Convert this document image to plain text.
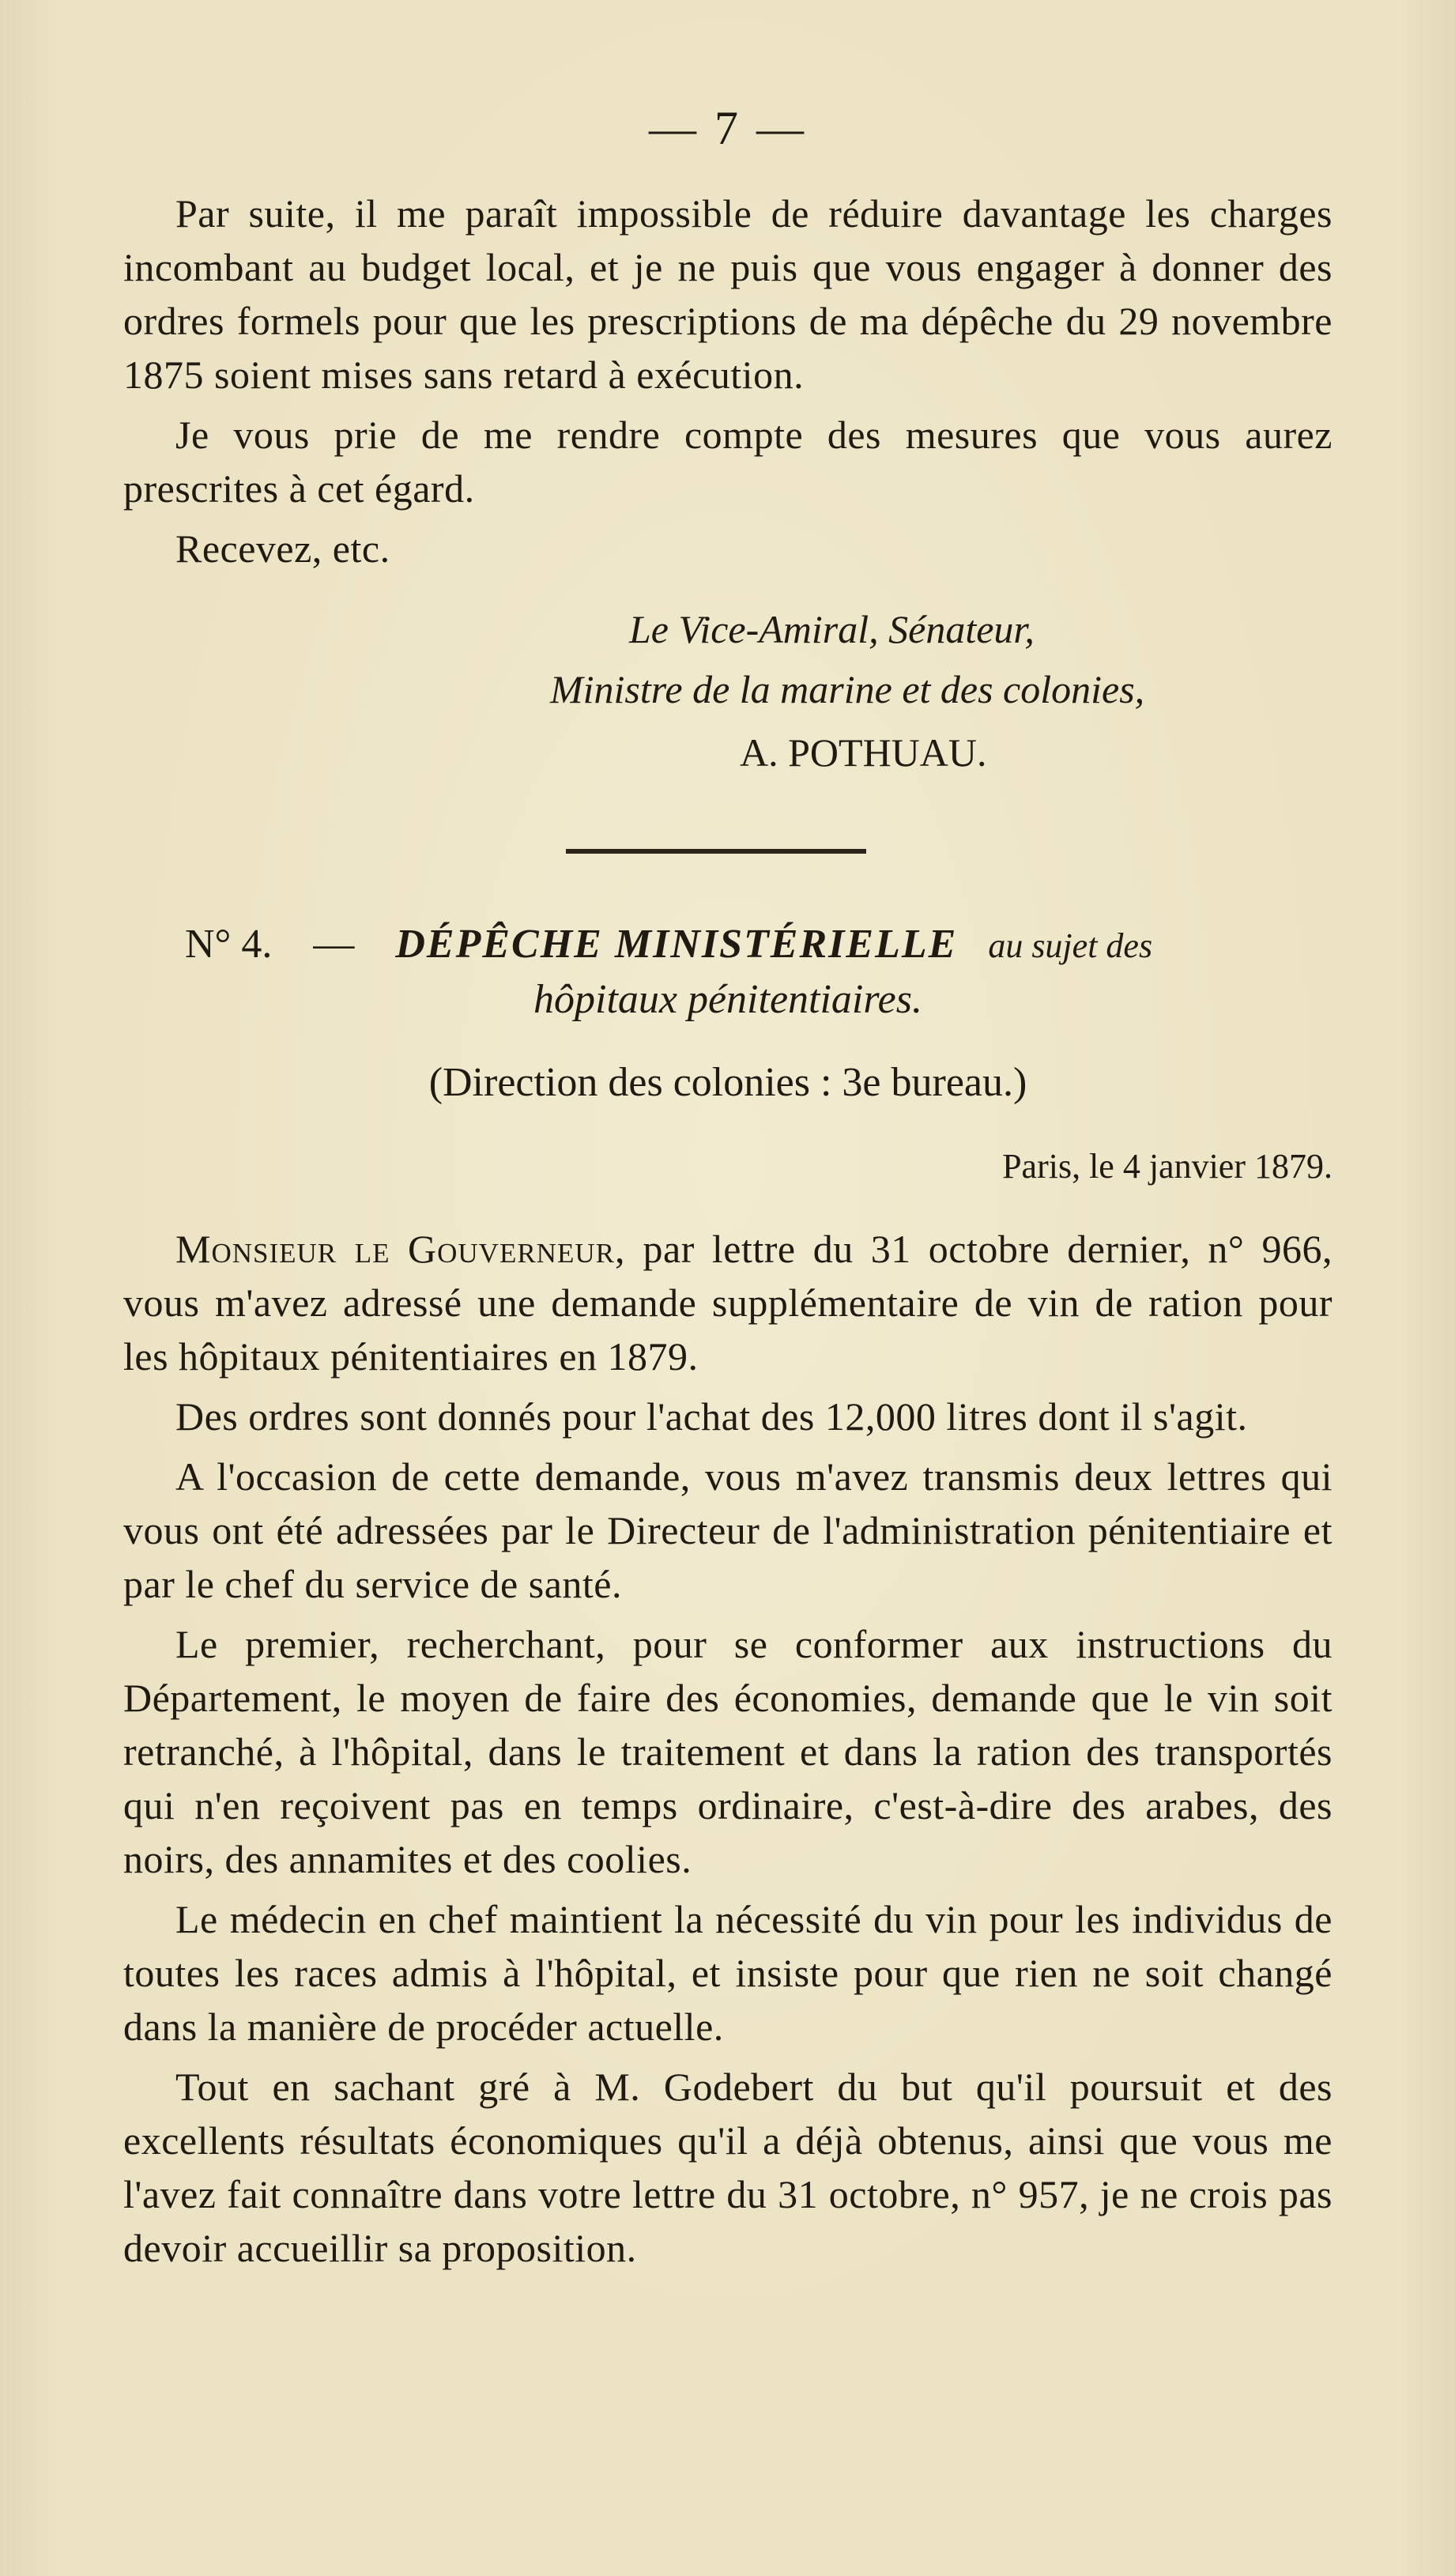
— 7 —

Par suite, il me paraît impossible de réduire davantage les charges incombant au budget local, et je ne puis que vous engager à donner des ordres formels pour que les prescriptions de ma dépêche du 29 novembre 1875 soient mises sans retard à exécution.

Je vous prie de me rendre compte des mesures que vous aurez prescrites à cet égard.

Recevez, etc.

Le Vice-Amiral, Sénateur,
Ministre de la marine et des colonies,
A. POTHUAU.
N° 4. — DÉPÊCHE MINISTÉRIELLE au sujet des
hôpitaux pénitentiaires.
(Direction des colonies : 3e bureau.)
Paris, le 4 janvier 1879.

Monsieur le Gouverneur, par lettre du 31 octobre dernier, n° 966, vous m'avez adressé une demande supplémentaire de vin de ration pour les hôpitaux pénitentiaires en 1879.

Des ordres sont donnés pour l'achat des 12,000 litres dont il s'agit.

A l'occasion de cette demande, vous m'avez transmis deux lettres qui vous ont été adressées par le Directeur de l'administration pénitentiaire et par le chef du service de santé.

Le premier, recherchant, pour se conformer aux instructions du Département, le moyen de faire des économies, demande que le vin soit retranché, à l'hôpital, dans le traitement et dans la ration des transportés qui n'en reçoivent pas en temps ordinaire, c'est-à-dire des arabes, des noirs, des annamites et des coolies.

Le médecin en chef maintient la nécessité du vin pour les individus de toutes les races admis à l'hôpital, et insiste pour que rien ne soit changé dans la manière de procéder actuelle.

Tout en sachant gré à M. Godebert du but qu'il poursuit et des excellents résultats économiques qu'il a déjà obtenus, ainsi que vous me l'avez fait connaître dans votre lettre du 31 octobre, n° 957, je ne crois pas devoir accueillir sa proposition.
